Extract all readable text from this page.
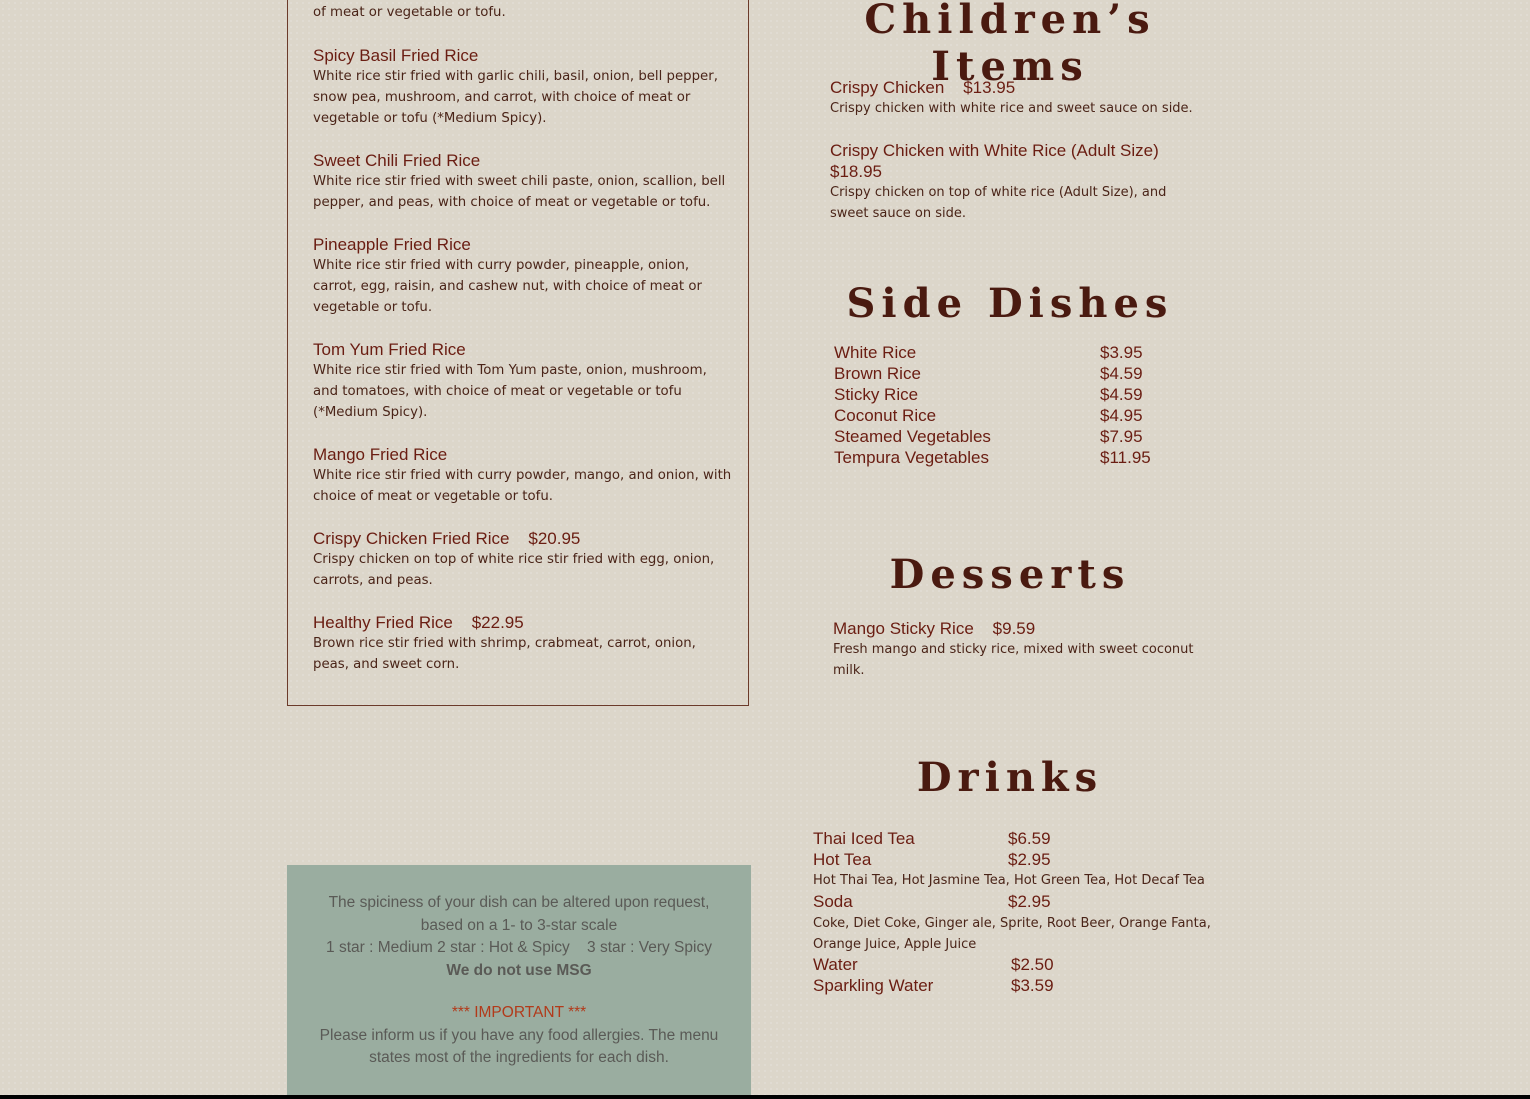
of meat or vegetable or tofu.
Spicy Basil Fried Rice
White rice stir fried with garlic chili, basil, onion, bell pepper, snow pea, mushroom, and carrot, with choice of meat or vegetable or tofu (*Medium Spicy).
Sweet Chili Fried Rice
White rice stir fried with sweet chili paste, onion, scallion, bell pepper, and peas, with choice of meat or vegetable or tofu.
Pineapple Fried Rice
White rice stir fried with curry powder, pineapple, onion, carrot, egg, raisin, and cashew nut, with choice of meat or vegetable or tofu.
Tom Yum Fried Rice
White rice stir fried with Tom Yum paste, onion, mushroom, and tomatoes, with choice of meat or vegetable or tofu (*Medium Spicy).
Mango Fried Rice
White rice stir fried with curry powder, mango, and onion, with choice of meat or vegetable or tofu.
Crispy Chicken Fried Rice    $20.95
Crispy chicken on top of white rice stir fried with egg, onion, carrots, and peas.
Healthy Fried Rice    $22.95
Brown rice stir fried with shrimp, crabmeat, carrot, onion, peas, and sweet corn.
Children’s Items
Crispy Chicken    $13.95
Crispy chicken with white rice and sweet sauce on side.
Crispy Chicken with White Rice (Adult Size)
$18.95
Crispy chicken on top of white rice (Adult Size), and sweet sauce on side.
Side Dishes
White Rice	$3.95
Brown Rice	$4.59
Sticky Rice	$4.59
Coconut Rice	$4.95
Steamed Vegetables	$7.95
Tempura Vegetables	$11.95
Desserts
Mango Sticky Rice    $9.59
Fresh mango and sticky rice, mixed with sweet coconut milk.
Drinks
Thai Iced Tea	$6.59
Hot Tea	$2.95
Hot Thai Tea, Hot Jasmine Tea, Hot Green Tea, Hot Decaf Tea
Soda	$2.95
Coke, Diet Coke, Ginger ale, Sprite, Root Beer, Orange Fanta, Orange Juice, Apple Juice
Water	$2.50
Sparkling Water	$3.59

The spiciness of your dish can be altered upon request,

based on a 1- to 3-star scale

1 star : Medium 2 star : Hot & Spicy    3 star : Very Spicy

We do not use MSG

*** IMPORTANT ***

Please inform us if you have any food allergies. The menu

states most of the ingredients for each dish.
